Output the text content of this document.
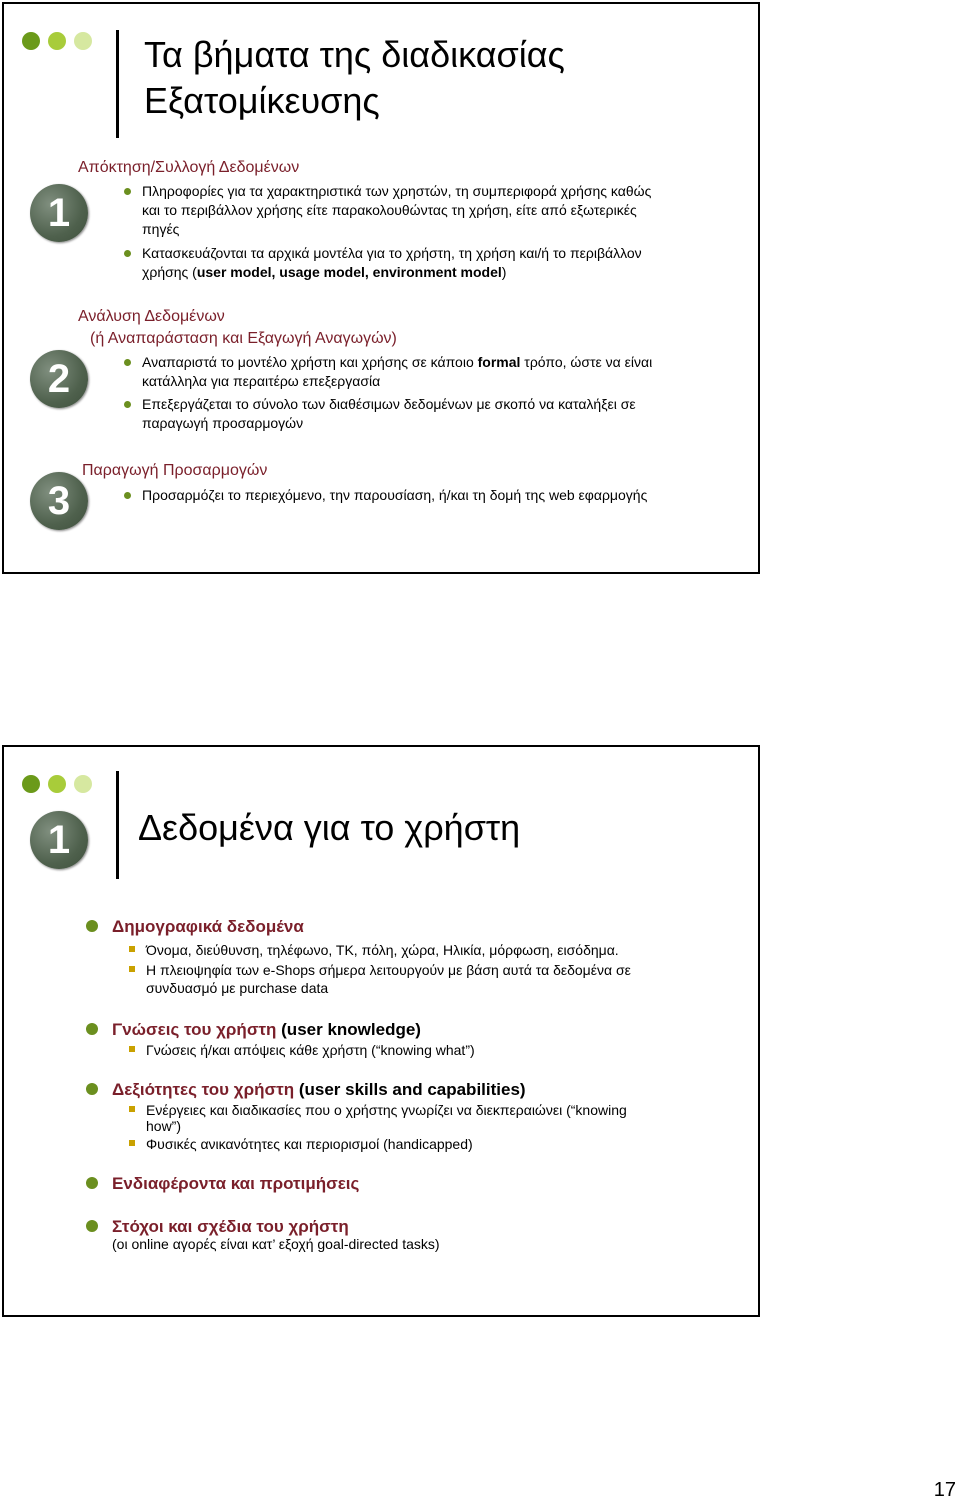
Τα βήματα της διαδικασίας
Εξατομίκευσης
1
Απόκτηση/Συλλογή Δεδομένων
Πληροφορίες για τα χαρακτηριστικά των χρηστών, τη συμπεριφορά χρήσης καθώς
και το περιβάλλον χρήσης είτε παρακολουθώντας τη χρήση, είτε από εξωτερικές
πηγές
Κατασκευάζονται τα αρχικά μοντέλα για το χρήστη, τη χρήση και/ή το περιβάλλον
χρήσης (user model, usage model, environment model)
2
Ανάλυση Δεδομένων
(ή Αναπαράσταση και Εξαγωγή Αναγωγών)
Αναπαριστά το μοντέλο χρήστη και χρήσης σε κάποιο formal τρόπο, ώστε να είναι
κατάλληλα για περαιτέρω επεξεργασία
Επεξεργάζεται το σύνολο των διαθέσιμων δεδομένων με σκοπό να καταλήξει σε
παραγωγή προσαρμογών
3
Παραγωγή Προσαρμογών
Προσαρμόζει το περιεχόμενο, την παρουσίαση, ή/και τη δομή της web εφαρμογής
1	Δεδομένα για το χρήστη
Δημογραφικά δεδομένα
Όνομα, διεύθυνση, τηλέφωνο, ΤΚ, πόλη, χώρα, Ηλικία, μόρφωση, εισόδημα.
Η πλειοψηφία των e-Shops σήμερα λειτουργούν με βάση αυτά τα δεδομένα σε
συνδυασμό με purchase data
Γνώσεις του χρήστη (user knowledge)
Γνώσεις ή/και απόψεις κάθε χρήστη (“knowing what”)
Δεξιότητες του χρήστη (user skills and capabilities)
Ενέργειες και διαδικασίες που ο χρήστης γνωρίζει να διεκπεραιώνει (“knowing
how”)
Φυσικές ανικανότητες και περιορισμοί (handicapped)
Ενδιαφέροντα και προτιμήσεις
Στόχοι και σχέδια του χρήστη
(οι online αγορές είναι κατ’ εξοχή goal-directed tasks)
17
